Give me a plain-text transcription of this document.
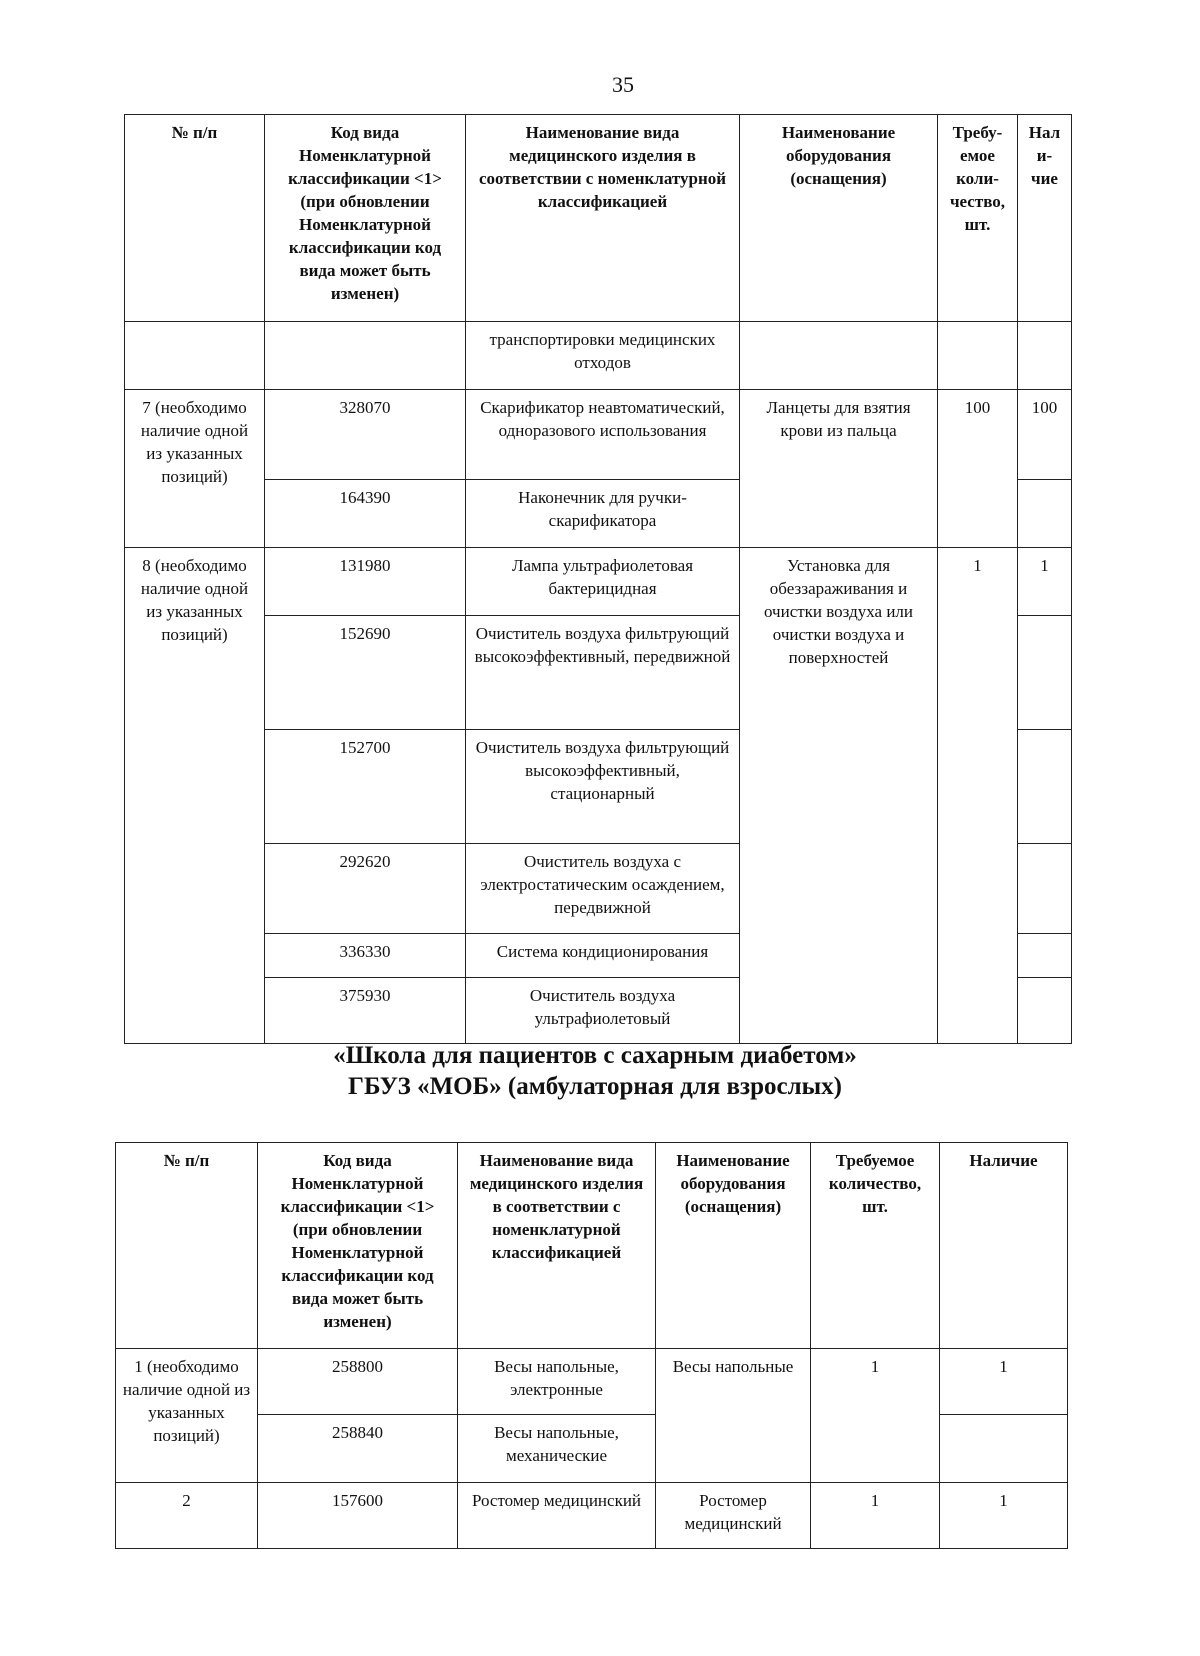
35
№ п/п	Код вида Номенклатурной классификации <1> (при обновлении Номенклатурной классификации код вида может быть изменен)	Наименование вида медицинского изделия в соответствии с номенклатурной классификацией	Наименование оборудования (оснащения)	Требу-емое коли-чество, шт.	Нали-чие
		транспортировки медицинских отходов			
7 (необходимо наличие одной из указанных позиций)	328070	Скарификатор неавтоматический, одноразового использования	Ланцеты для взятия крови из пальца	100	100
	164390	Наконечник для ручки-скарификатора			
8 (необходимо наличие одной из указанных позиций)	131980	Лампа ультрафиолетовая бактерицидная	Установка для обеззараживания и очистки воздуха или очистки воздуха и поверхностей	1	1
	152690	Очиститель воздуха фильтрующий высокоэффективный, передвижной			
	152700	Очиститель воздуха фильтрующий высокоэффективный, стационарный			
	292620	Очиститель воздуха с электростатическим осаждением, передвижной			
	336330	Система кондиционирования			
	375930	Очиститель воздуха ультрафиолетовый			
«Школа для пациентов с сахарным диабетом»
ГБУЗ «МОБ» (амбулаторная для взрослых)
№ п/п	Код вида Номенклатурной классификации <1> (при обновлении Номенклатурной классификации код вида может быть изменен)	Наименование вида медицинского изделия в соответствии с номенклатурной классификацией	Наименование оборудования (оснащения)	Требуемое количество, шт.	Наличие
1 (необходимо наличие одной из указанных позиций)	258800	Весы напольные, электронные	Весы напольные	1	1
	258840	Весы напольные, механические			
2	157600	Ростомер медицинский	Ростомер медицинский	1	1
